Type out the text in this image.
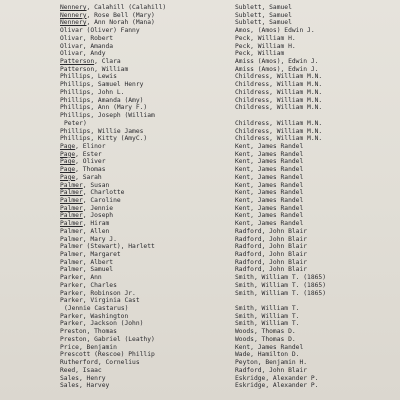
Nennery, Calahill (Calahill)	Sublett, Samuel
Nennery, Rose Bell (Mary)	Sublett, Samuel
Nennery, Ann Norah (Mana)	Sublett, Samuel
Olivar (Oliver) Fanny	Amos, (Amos) Edwin J.
Olivar, Robert	Peck, William H.
Olivar, Amanda	Peck, William H.
Olivar, Andy	Peck, William
Patterson, Clara	Amiss (Amos), Edwin J.
Patterson, William	Amiss (Amos), Edwin J.
Phillips, Lewis	Childress, William M.N.
Phillips, Samuel Henry	Childress, William M.N.
Phillips, John L.	Childress, William M.N.
Phillips, Amanda (Amy)	Childress, William M.N.
Phillips, Ann (Mary F.)	Childress, William M.N.
Phillips, Joseph (William
Peter)	Childress, William M.N.
Phillips, Willie James	Childress, William M.N.
Phillips, Kitty (AmyC.)	Childress, William M.N.
Page, Elinor	Kent, James Randel
Page, Ester	Kent, James Randel
Page, Oliver	Kent, James Randel
Page, Thomas	Kent, James Randel
Page, Sarah	Kent, James Randel
Palmer, Susan	Kent, James Randel
Palmer, Charlotte	Kent, James Randel
Palmer, Caroline	Kent, James Randel
Palmer, Jennie	Kent, James Randel
Palmer, Joseph	Kent, James Randel
Palmer, Hiram	Kent, James Randel
Palmer, Allen	Radford, John Blair
Palmer, Mary J.	Radford, John Blair
Palmer (Stewart), Harlett	Radford, John Blair
Palmer, Margaret	Radford, John Blair
Palmer, Albert	Radford, John Blair
Palmer, Samuel	Radford, John Blair
Parker, Ann	Smith, William T. (1865)
Parker, Charles	Smith, William T. (1865)
Parker, Robinson Jr.	Smith, William T. (1865)
Parker, Virginia Cast
(Jennie Castarus)	Smith, William T.
Parker, Washington	Smith, William T.
Parker, Jackson (John)	Smith, William T.
Preston, Thomas	Woods, Thomas D.
Preston, Gabriel (Leathy)	Woods, Thomas D.
Price, Benjamin	Kent, James Randel
Prescott (Rescoe) Phillip	Wade, Hamilton D.
Rutherford, Cornelius	Peyton, Benjamin H.
Reed, Isaac	Radford, John Blair
Sales, Henry	Eskridge, Alexander P.
Sales, Harvey	Eskridge, Alexander P.
